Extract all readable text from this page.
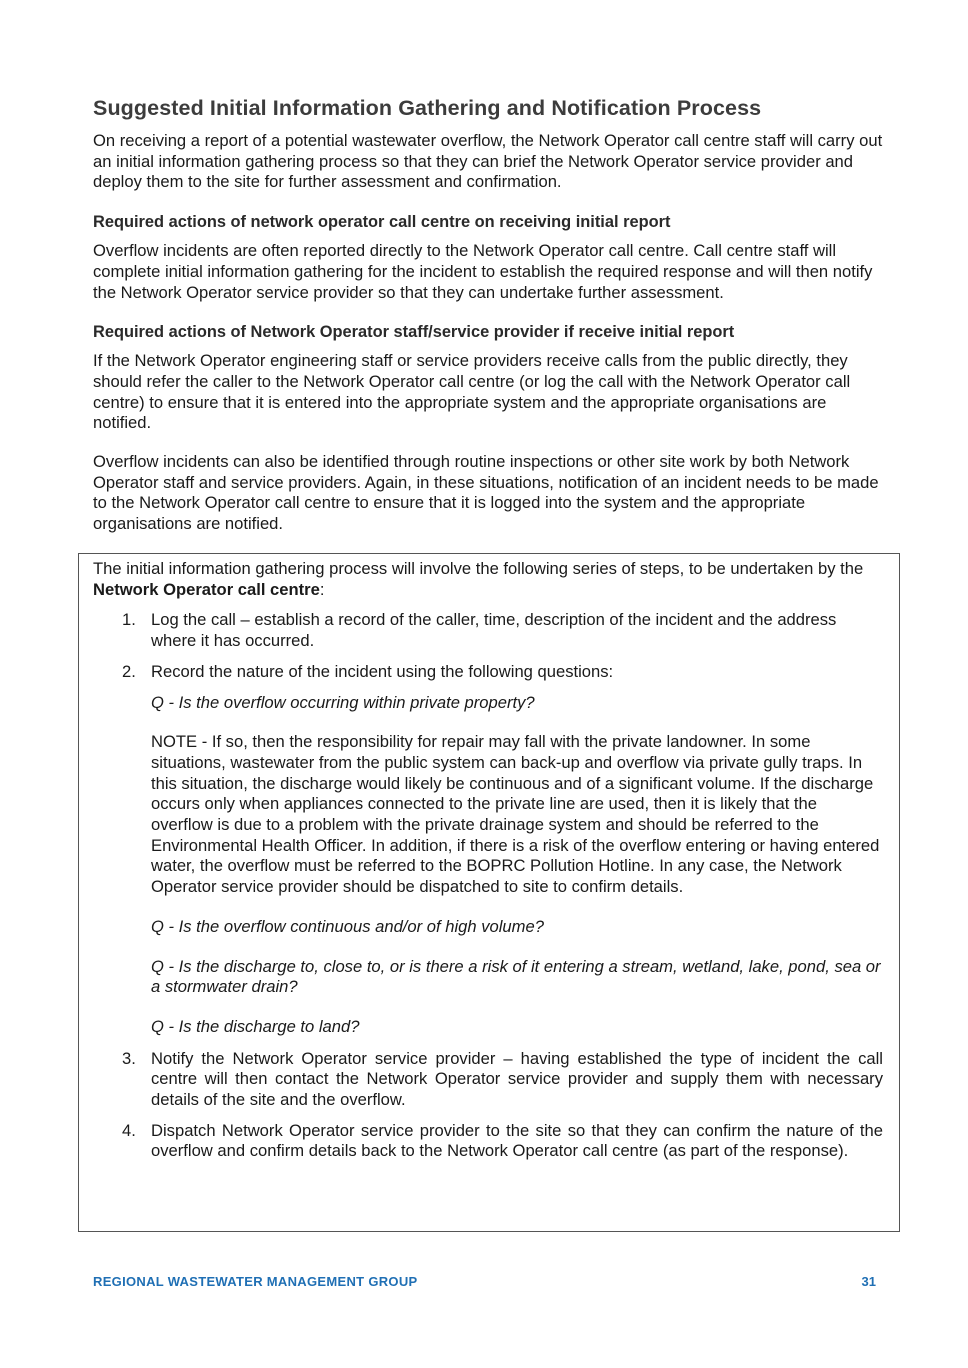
Suggested Initial Information Gathering and Notification Process

On receiving a report of a potential wastewater overflow, the Network Operator call centre staff will carry out an initial information gathering process so that they can brief the Network Operator service provider and deploy them to the site for further assessment and confirmation.

Required actions of network operator call centre on receiving initial report

Overflow incidents are often reported directly to the Network Operator call centre. Call centre staff will complete initial information gathering for the incident to establish the required response and will then notify the Network Operator service provider so that they can undertake further assessment.

Required actions of Network Operator staff/service provider if receive initial report

If the Network Operator engineering staff or service providers receive calls from the public directly, they should refer the caller to the Network Operator call centre (or log the call with the Network Operator call centre) to ensure that it is entered into the appropriate system and the appropriate organisations are notified.

Overflow incidents can also be identified through routine inspections or other site work by both Network Operator staff and service providers. Again, in these situations, notification of an incident needs to be made to the Network Operator call centre to ensure that it is logged into the system and the appropriate organisations are notified.

The initial information gathering process will involve the following series of steps, to be undertaken by the Network Operator call centre:

1. Log the call – establish a record of the caller, time, description of the incident and the address where it has occurred.
2. Record the nature of the incident using the following questions:

Q - Is the overflow occurring within private property?

NOTE - If so, then the responsibility for repair may fall with the private landowner. In some situations, wastewater from the public system can back-up and overflow via private gully traps. In this situation, the discharge would likely be continuous and of a significant volume. If the discharge occurs only when appliances connected to the private line are used, then it is likely that the overflow is due to a problem with the private drainage system and should be referred to the Environmental Health Officer. In addition, if there is a risk of the overflow entering or having entered water, the overflow must be referred to the BOPRC Pollution Hotline. In any case, the Network Operator service provider should be dispatched to site to confirm details.

Q - Is the overflow continuous and/or of high volume?

Q - Is the discharge to, close to, or is there a risk of it entering a stream, wetland, lake, pond, sea or a stormwater drain?

Q - Is the discharge to land?

3. Notify the Network Operator service provider – having established the type of incident the call centre will then contact the Network Operator service provider and supply them with necessary details of the site and the overflow.
4. Dispatch Network Operator service provider to the site so that they can confirm the nature of the overflow and confirm details back to the Network Operator call centre (as part of the response).
REGIONAL WASTEWATER MANAGEMENT GROUP	31
